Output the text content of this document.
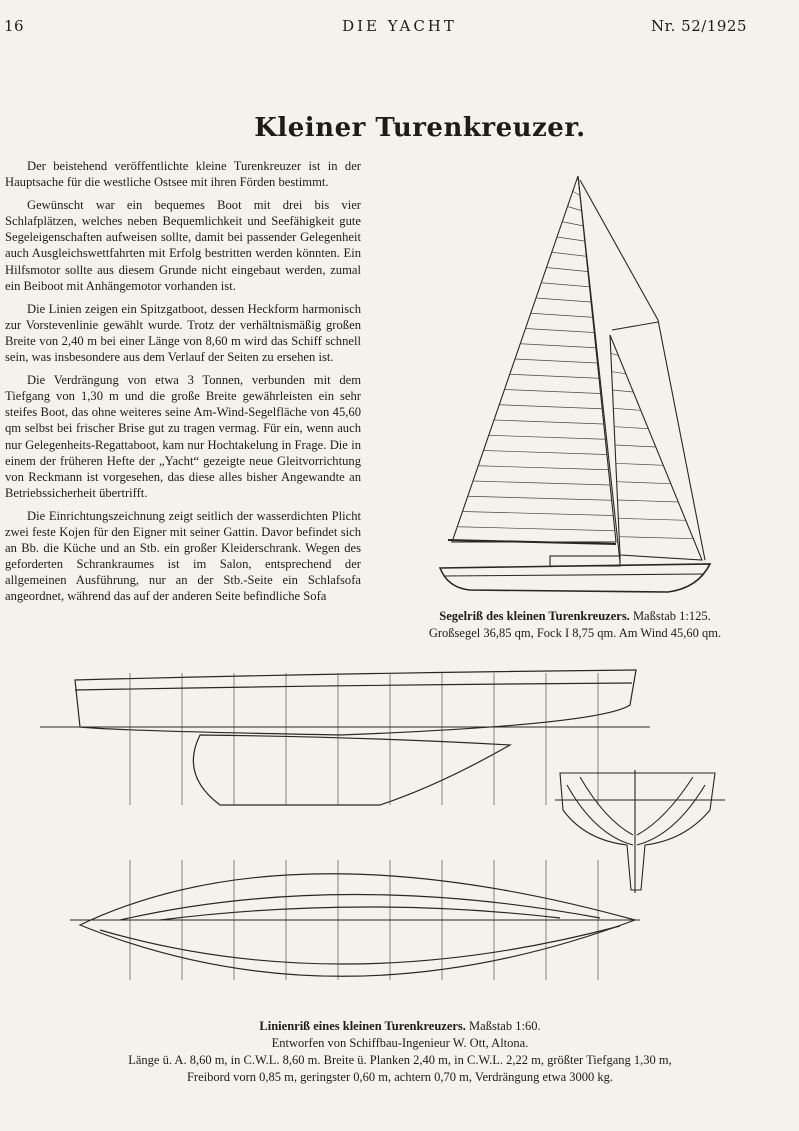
16	DIE YACHT	Nr. 52/1925
Kleiner Turenkreuzer.

Der beistehend veröffentlichte kleine Turenkreuzer ist in der Hauptsache für die westliche Ostsee mit ihren Förden bestimmt.

Gewünscht war ein bequemes Boot mit drei bis vier Schlafplätzen, welches neben Bequemlichkeit und Seefähigkeit gute Segeleigenschaften aufweisen sollte, damit bei passender Gelegenheit auch Ausgleichswettfahrten mit Erfolg bestritten werden könnten. Ein Hilfsmotor sollte aus diesem Grunde nicht eingebaut werden, zumal ein Beiboot mit Anhängemotor vorhanden ist.

Die Linien zeigen ein Spitzgatboot, dessen Heckform harmonisch zur Vorstevenlinie gewählt wurde. Trotz der verhältnismäßig großen Breite von 2,40 m bei einer Länge von 8,60 m wird das Schiff schnell sein, was insbesondere aus dem Verlauf der Seiten zu ersehen ist.

Die Verdrängung von etwa 3 Tonnen, verbunden mit dem Tiefgang von 1,30 m und die große Breite gewährleisten ein sehr steifes Boot, das ohne weiteres seine Am-Wind-Segelfläche von 45,60 qm selbst bei frischer Brise gut zu tragen vermag. Für ein, wenn auch nur Gelegenheits-Regattaboot, kam nur Hochtakelung in Frage. Die in einem der früheren Hefte der „Yacht“ gezeigte neue Gleitvorrichtung von Reckmann ist vorgesehen, das diese alles bisher Angewandte an Betriebssicherheit übertrifft.

Die Einrichtungszeichnung zeigt seitlich der wasserdichten Plicht zwei feste Kojen für den Eigner mit seiner Gattin. Davor befindet sich an Bb. die Küche und an Stb. ein großer Kleiderschrank. Wegen des geforderten Schrankraumes ist im Salon, entsprechend der allgemeinen Ausführung, nur an der Stb.-Seite ein Schlafsofa angeordnet, während das auf der anderen Seite befindliche Sofa

Segelriß des kleinen Turenkreuzers. Maßstab 1:125.
Großsegel 36,85 qm, Fock I 8,75 qm. Am Wind 45,60 qm.
Linienriß eines kleinen Turenkreuzers. Maßstab 1:60.
Entworfen von Schiffbau-Ingenieur W. Ott, Altona.
Länge ü. A. 8,60 m, in C.W.L. 8,60 m. Breite ü. Planken 2,40 m, in C.W.L. 2,22 m, größter Tiefgang 1,30 m,
Freibord vorn 0,85 m, geringster 0,60 m, achtern 0,70 m, Verdrängung etwa 3000 kg.
